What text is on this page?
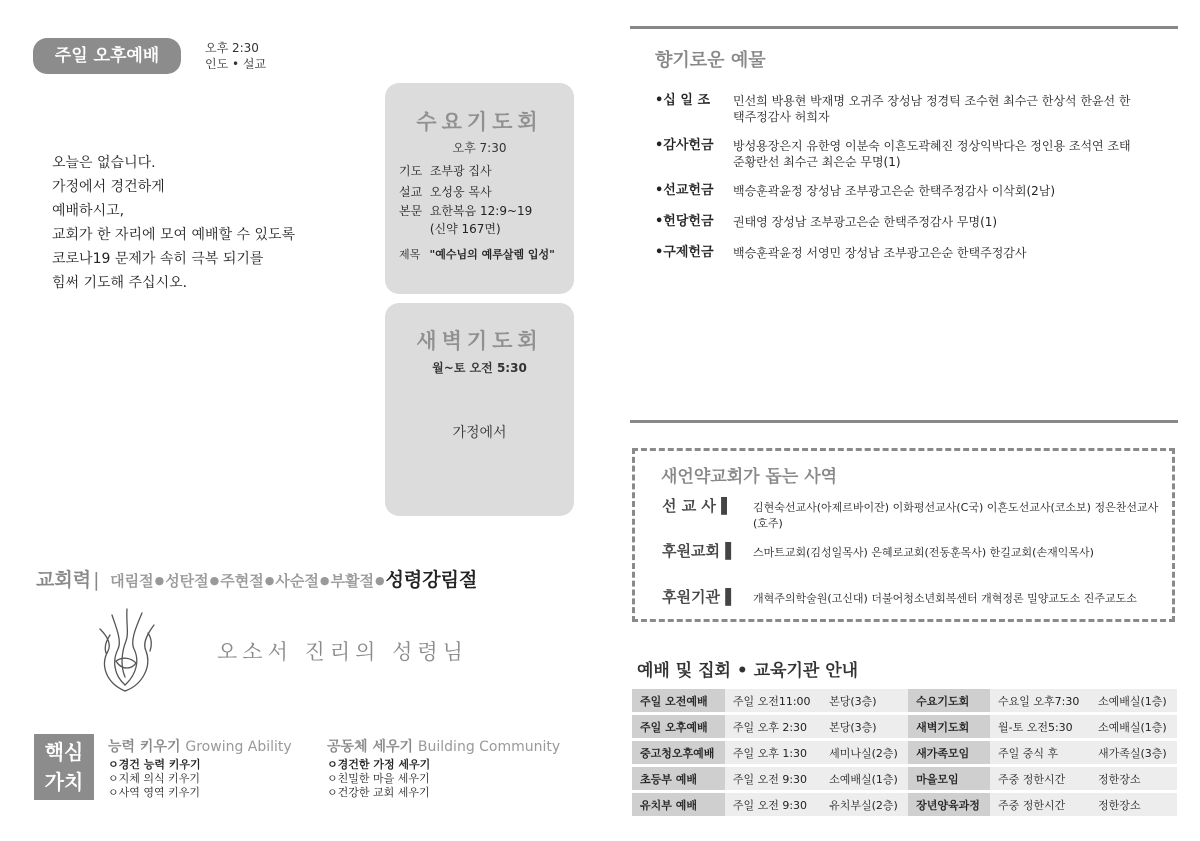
주일 오후예배	오후 2:30
인도 • 설교
오늘은 없습니다.
가정에서 경건하게
예배하시고,
교회가 한 자리에 모여 예배할 수 있도록
코로나19 문제가 속히 극복 되기를
힘써 기도해 주십시오.
수요기도회
오후 7:30
기도 조부광 집사
설교 오성웅 목사
본문 요한복음 12:9~19
(신약 167면)
제목 "예수님의 예루살렘 입성"
새벽기도회
월~토 오전 5:30
가정에서
교회력 | 대림절●성탄절●주현절●사순절●부활절●성령강림절
오소서 진리의 성령님
핵심
가치
능력 키우기 Growing Ability
ㅇ경건 능력 키우기
ㅇ지체 의식 키우기
ㅇ사역 영역 키우기
공동체 세우기 Building Community
ㅇ경건한 가정 세우기
ㅇ친밀한 마을 세우기
ㅇ건강한 교회 세우기
향기로운 예물
•십 일 조 민선희 박용현 박재명 오귀주 장성남 정경틱 조수현 최수근 한상석 한윤선 한택주정감사 허희자
•감사헌금 방성용장은지 유한영 이분숙 이흔도곽혜진 정상익박다은 정인용 조석연 조태준황란선 최수근 최은순 무명(1)
•선교헌금 백승훈곽윤정 장성남 조부광고은순 한택주정감사 이삭회(2남)
•헌당헌금 권태영 장성남 조부광고은순 한택주정감사 무명(1)
•구제헌금 백승훈곽윤정 서영민 장성남 조부광고은순 한택주정감사
새언약교회가 돕는 사역
선 교 사 ▌ 김현숙선교사(아제르바이잔) 이화평선교사(C국) 이흔도선교사(코소보) 정은찬선교사(호주)
후원교회 ▌ 스마트교회(김성일목사) 은혜로교회(전동훈목사) 한길교회(손재익목사)
후원기관 ▌ 개혁주의학술원(고신대) 더불어청소년회복센터 개혁정론 밀양교도소 진주교도소
예배 및 집회 • 교육기관 안내
주일 오전예배	주일 오전11:00	본당(3층)	수요기도회	수요일 오후7:30	소예배실(1층)
주일 오후예배	주일 오후 2:30	본당(3층)	새벽기도회	월-토 오전5:30	소예배실(1층)
중고청오후예배	주일 오후 1:30	세미나실(2층)	새가족모임	주일 중식 후	새가족실(3층)
초등부 예배	주일 오전 9:30	소예배실(1층)	마을모임	주중 정한시간	정한장소
유치부 예배	주일 오전 9:30	유치부실(2층)	장년양육과정	주중 정한시간	정한장소
